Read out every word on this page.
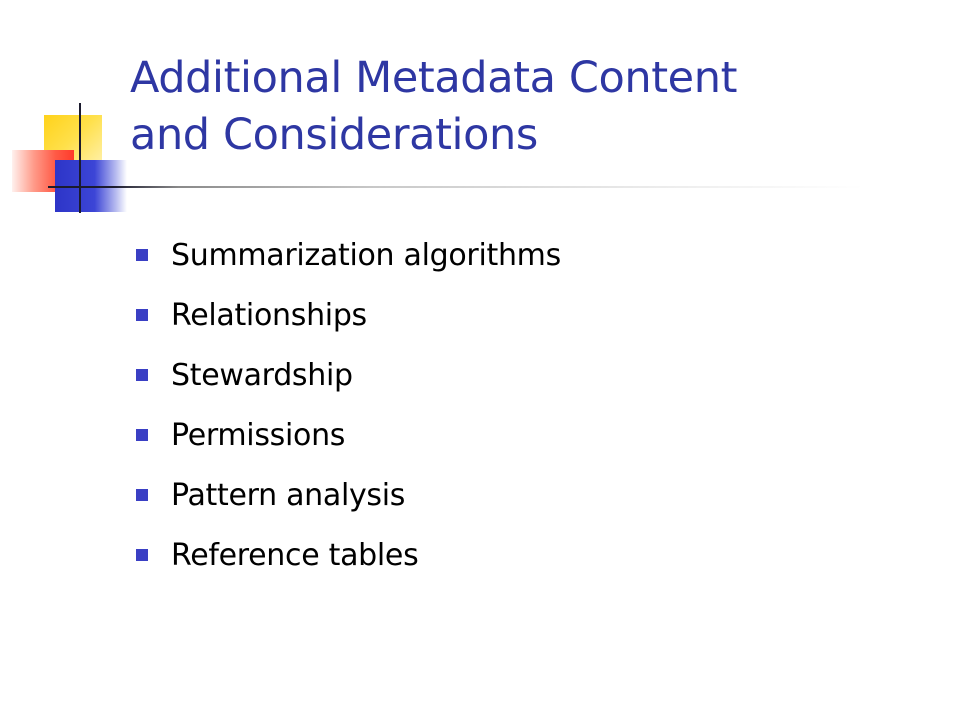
Additional Metadata Content
and Considerations
Summarization algorithms
Relationships
Stewardship
Permissions
Pattern analysis
Reference tables
